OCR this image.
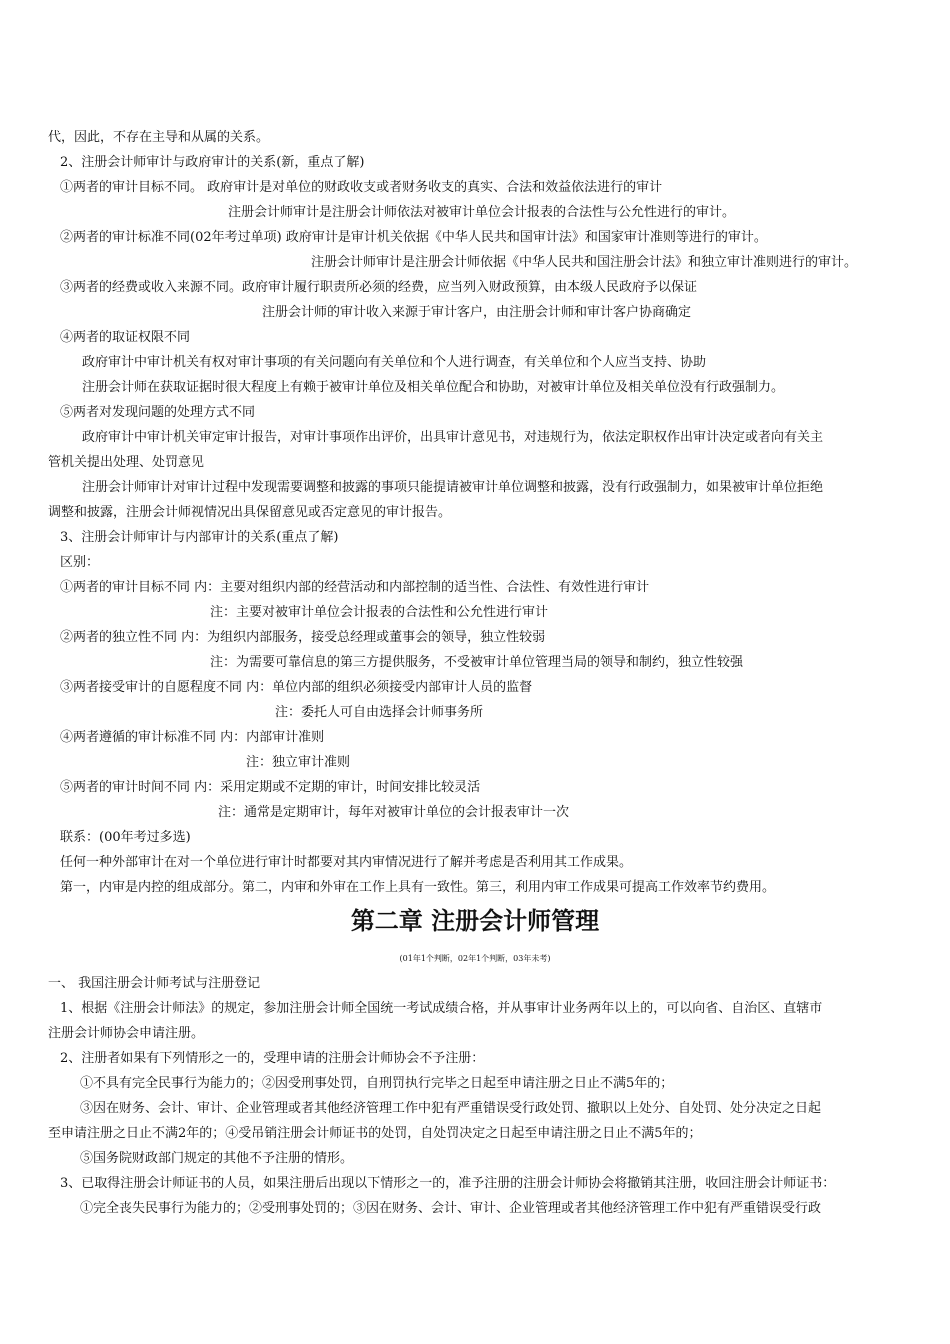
代，因此，不存在主导和从属的关系。
2、注册会计师审计与政府审计的关系(新，重点了解)
①两者的审计目标不同。 政府审计是对单位的财政收支或者财务收支的真实、合法和效益依法进行的审计
注册会计师审计是注册会计师依法对被审计单位会计报表的合法性与公允性进行的审计。
②两者的审计标准不同(02年考过单项) 政府审计是审计机关依据《中华人民共和国审计法》和国家审计准则等进行的审计。
注册会计师审计是注册会计师依据《中华人民共和国注册会计法》和独立审计准则进行的审计。
③两者的经费或收入来源不同。政府审计履行职责所必须的经费，应当列入财政预算，由本级人民政府予以保证
注册会计师的审计收入来源于审计客户，由注册会计师和审计客户协商确定
④两者的取证权限不同
政府审计中审计机关有权对审计事项的有关问题向有关单位和个人进行调查，有关单位和个人应当支持、协助
注册会计师在获取证据时很大程度上有赖于被审计单位及相关单位配合和协助，对被审计单位及相关单位没有行政强制力。
⑤两者对发现问题的处理方式不同
政府审计中审计机关审定审计报告，对审计事项作出评价，出具审计意见书，对违规行为，依法定职权作出审计决定或者向有关主
管机关提出处理、处罚意见
注册会计师审计对审计过程中发现需要调整和披露的事项只能提请被审计单位调整和披露，没有行政强制力，如果被审计单位拒绝
调整和披露，注册会计师视情况出具保留意见或否定意见的审计报告。
3、注册会计师审计与内部审计的关系(重点了解)
区别：
①两者的审计目标不同 内：主要对组织内部的经营活动和内部控制的适当性、合法性、有效性进行审计
注：主要对被审计单位会计报表的合法性和公允性进行审计
②两者的独立性不同 内：为组织内部服务，接受总经理或董事会的领导，独立性较弱
注：为需要可靠信息的第三方提供服务，不受被审计单位管理当局的领导和制约，独立性较强
③两者接受审计的自愿程度不同 内：单位内部的组织必须接受内部审计人员的监督
注：委托人可自由选择会计师事务所
④两者遵循的审计标准不同 内：内部审计准则
注：独立审计准则
⑤两者的审计时间不同 内：采用定期或不定期的审计，时间安排比较灵活
注：通常是定期审计，每年对被审计单位的会计报表审计一次
联系：(00年考过多选)
任何一种外部审计在对一个单位进行审计时都要对其内审情况进行了解并考虑是否利用其工作成果。
第一，内审是内控的组成部分。第二，内审和外审在工作上具有一致性。第三，利用内审工作成果可提高工作效率节约费用。
第二章 注册会计师管理
(01年1个判断，02年1个判断，03年未考)
一、 我国注册会计师考试与注册登记
1、根据《注册会计师法》的规定，参加注册会计师全国统一考试成绩合格，并从事审计业务两年以上的，可以向省、自治区、直辖市
注册会计师协会申请注册。
2、注册者如果有下列情形之一的，受理申请的注册会计师协会不予注册：
①不具有完全民事行为能力的；②因受刑事处罚，自刑罚执行完毕之日起至申请注册之日止不满5年的；
③因在财务、会计、审计、企业管理或者其他经济管理工作中犯有严重错误受行政处罚、撤职以上处分、自处罚、处分决定之日起
至申请注册之日止不满2年的；④受吊销注册会计师证书的处罚，自处罚决定之日起至申请注册之日止不满5年的；
⑤国务院财政部门规定的其他不予注册的情形。
3、已取得注册会计师证书的人员，如果注册后出现以下情形之一的，准予注册的注册会计师协会将撤销其注册，收回注册会计师证书：
①完全丧失民事行为能力的；②受刑事处罚的；③因在财务、会计、审计、企业管理或者其他经济管理工作中犯有严重错误受行政
